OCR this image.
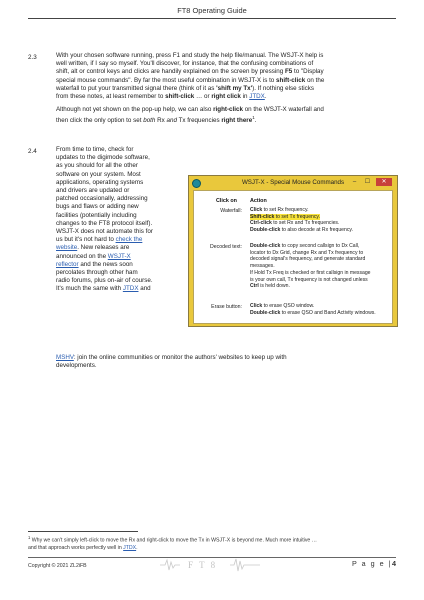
FT8 Operating Guide
2.3	With your chosen software running, press F1 and study the help file/manual. The WSJT-X help is
well written, if I say so myself. You'll discover, for instance, that the confusing combinations of
shift, alt or control keys and clicks are handily explained on the screen by pressing F5 to "Display
special mouse commands". By far the most useful combination in WSJT-X is to shift-click on the
waterfall to put your transmitted signal there (think of it as 'shift my Tx'). If nothing else sticks
from these notes, at least remember to shift-click … or right click in JTDX.
Although not yet shown on the pop-up help, we can also right-click on the WSJT-X waterfall and
then click the only option to set both Rx and Tx frequencies right there$^1$.
2.4	From time to time, check for
updates to the digimode software,
as you should for all the other
software on your system. Most
applications, operating systems
and drivers are updated or
patched occasionally, addressing
bugs and flaws or adding new
facilities (potentially including
changes to the FT8 protocol itself).
WSJT-X does not automate this for
us but it's not hard to check the
website. New releases are
announced on the WSJT-X
reflector and the news soon
percolates through other ham
radio forums, plus on-air of course.
It's much the same with JTDX and
MSHV: join the online communities or monitor the authors' websites to keep up with
developments.
WSJT-X - Special Mouse Commands	–	☐	✕
Click on Action
Waterfall: Click to set Rx frequency.
Shift-click to set Tx frequency.
Ctrl-click to set Rx and Tx frequencies.
Double-click to also decode at Rx frequency.
Decoded text: Double-click to copy second callsign to Dx Call,
locator to Dx Grid, change Rx and Tx frequency to
decoded signal's frequency, and generate standard
messages.
If Hold Tx Freq is checked or first callsign in message
is your own call, Tx frequency is not changed unless
Ctrl is held down.
Erase button: Click to erase QSO window.
Double-click to erase QSO and Band Activity windows.
$^1$ Why we can't simply left-click to move the Rx and right-click to move the Tx in WSJT-X is beyond me. Much more intuitive …
and that approach works perfectly well in JTDX.
Copyright © 2021 ZL2iFB	F T 8	P a g e |4
